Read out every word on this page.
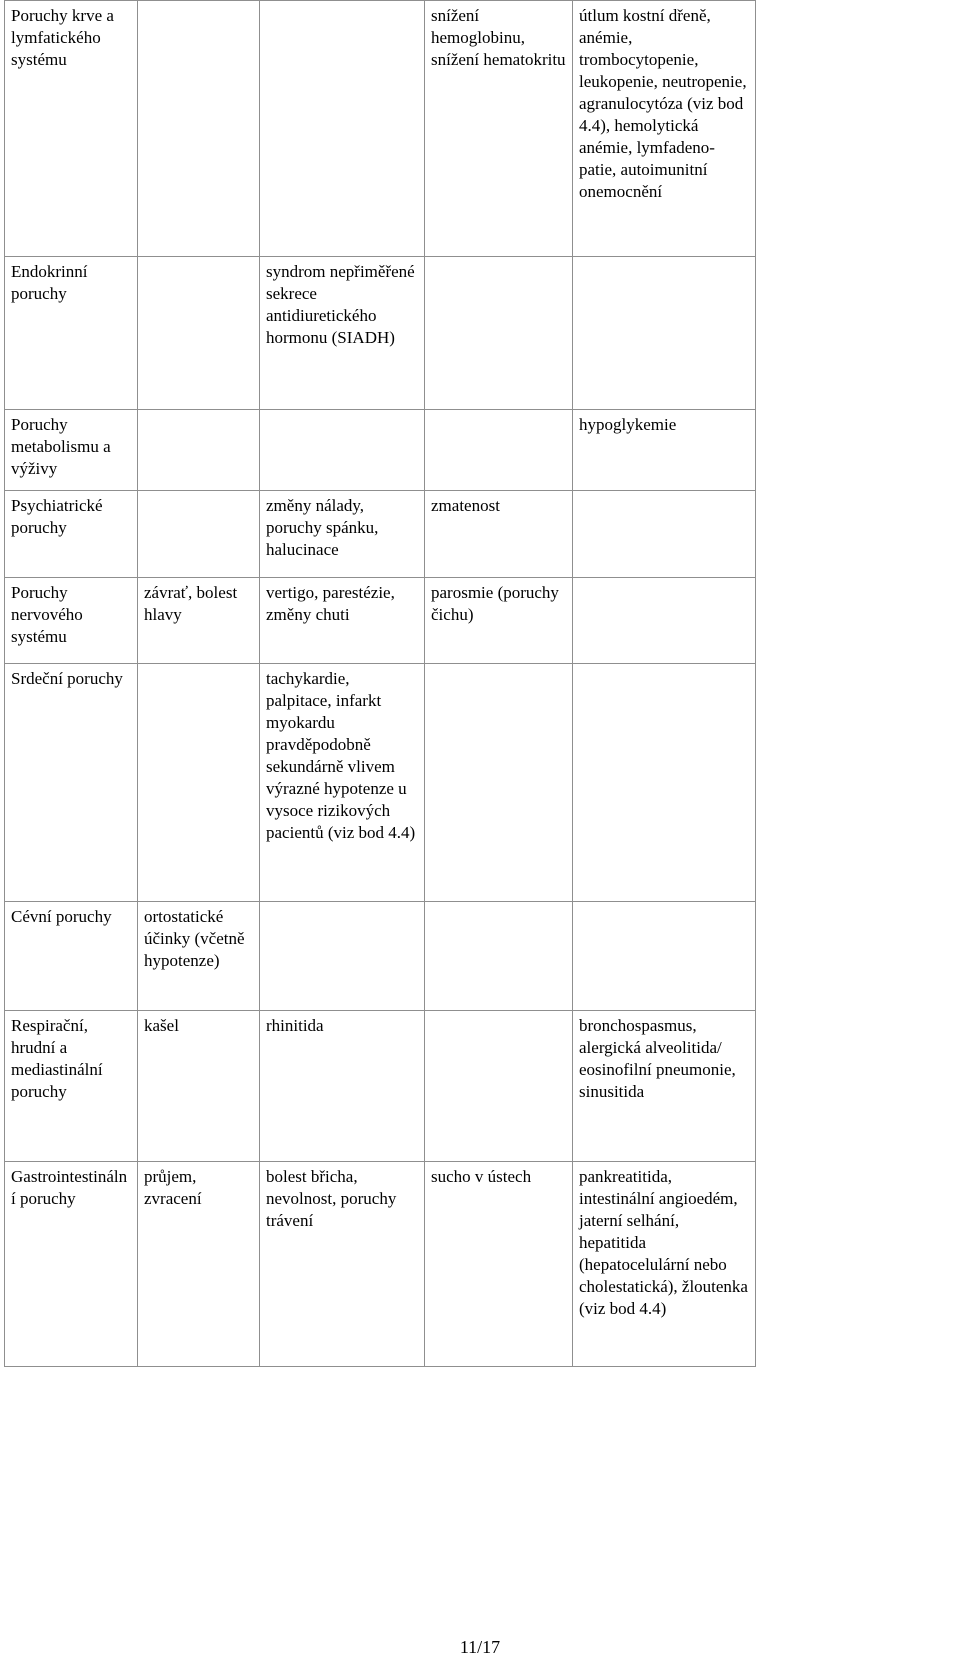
Poruchy krve a lymfatického systému			snížení hemoglobinu, snížení hematokritu	útlum kostní dřeně, anémie, trombocytopenie, leukopenie, neutropenie, agranulocytóza (viz bod 4.4), hemolytická anémie, lymfadeno-patie, autoimunitní onemocnění
Endokrinní poruchy		syndrom nepřiměřené sekrece antidiuretického hormonu (SIADH)		
Poruchy metabolismu a výživy				hypoglykemie
Psychiatrické poruchy		změny nálady, poruchy spánku, halucinace	zmatenost	
Poruchy nervového systému	závrať, bolest hlavy	vertigo, parestézie, změny chuti	parosmie (poruchy čichu)	
Srdeční poruchy		tachykardie, palpitace, infarkt myokardu pravděpodobně sekundárně vlivem výrazné hypotenze u vysoce rizikových pacientů (viz bod 4.4)		
Cévní poruchy	ortostatické účinky (včetně hypotenze)			
Respirační, hrudní a mediastinální poruchy	kašel	rhinitida		bronchospasmus, alergická alveolitida/ eosinofilní pneumonie, sinusitida
Gastrointestinální poruchy	průjem, zvracení	bolest břicha, nevolnost, poruchy trávení	sucho v ústech	pankreatitida, intestinální angioedém, jaterní selhání, hepatitida (hepatocelulární nebo cholestatická), žloutenka (viz bod 4.4)
11/17
